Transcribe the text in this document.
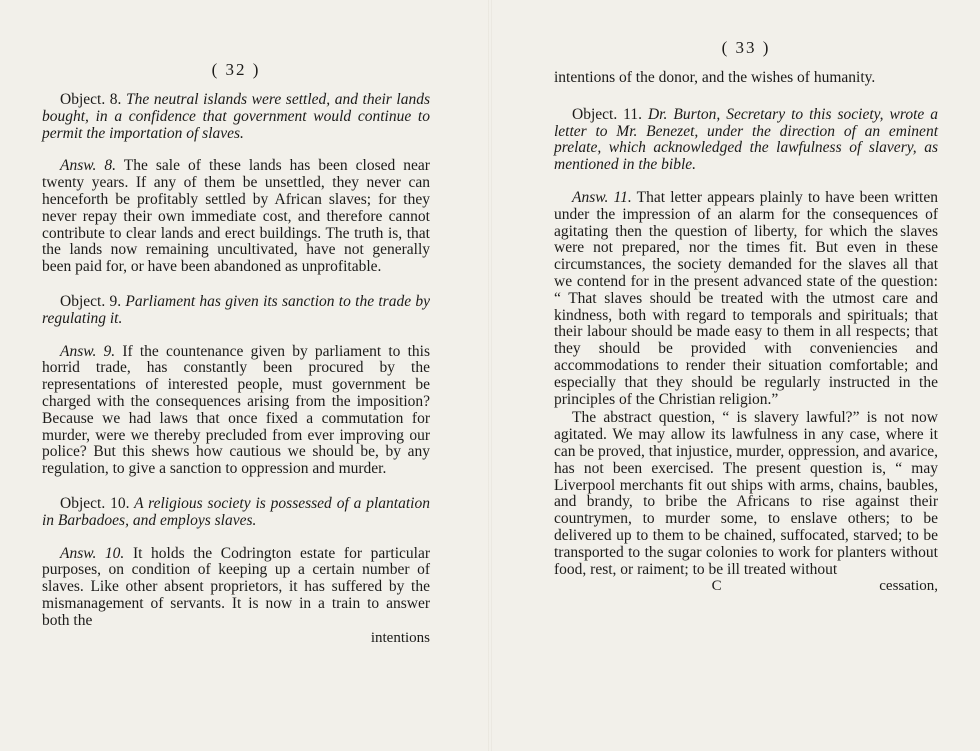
( 32 )

Object. 8. The neutral islands were settled, and their lands bought, in a confidence that government would continue to permit the importation of slaves.

Answ. 8. The sale of these lands has been closed near twenty years. If any of them be unsettled, they never can henceforth be profitably settled by African slaves; for they never repay their own immediate cost, and therefore cannot contribute to clear lands and erect buildings. The truth is, that the lands now remaining uncultivated, have not generally been paid for, or have been abandoned as unprofitable.

Object. 9. Parliament has given its sanction to the trade by regulating it.

Answ. 9. If the countenance given by parliament to this horrid trade, has constantly been procured by the representations of interested people, must government be charged with the consequences arising from the imposition? Because we had laws that once fixed a commutation for murder, were we thereby precluded from ever improving our police? But this shews how cautious we should be, by any regulation, to give a sanction to oppression and murder.

Object. 10. A religious society is possessed of a plantation in Barbadoes, and employs slaves.

Answ. 10. It holds the Codrington estate for particular purposes, on condition of keeping up a certain number of slaves. Like other absent proprietors, it has suffered by the mismanagement of servants. It is now in a train to answer both the

intentions

( 33 )

intentions of the donor, and the wishes of humanity.

Object. 11. Dr. Burton, Secretary to this society, wrote a letter to Mr. Benezet, under the direction of an eminent prelate, which acknowledged the lawfulness of slavery, as mentioned in the bible.

Answ. 11. That letter appears plainly to have been written under the impression of an alarm for the consequences of agitating then the question of liberty, for which the slaves were not prepared, nor the times fit. But even in these circumstances, the society demanded for the slaves all that we contend for in the present advanced state of the question: “ That slaves should be treated with the utmost care and kindness, both with regard to temporals and spirituals; that their labour should be made easy to them in all respects; that they should be provided with conveniencies and accommodations to render their situation comfortable; and especially that they should be regularly instructed in the principles of the Christian religion.”

The abstract question, “ is slavery lawful?” is not now agitated. We may allow its lawfulness in any case, where it can be proved, that injustice, murder, oppression, and avarice, has not been exercised. The present question is, “ may Liverpool merchants fit out ships with arms, chains, baubles, and brandy, to bribe the Africans to rise against their countrymen, to murder some, to enslave others; to be delivered up to them to be chained, suffocated, starved; to be transported to the sugar colonies to work for planters without food, rest, or raiment; to be ill treated without

C	cessation,
